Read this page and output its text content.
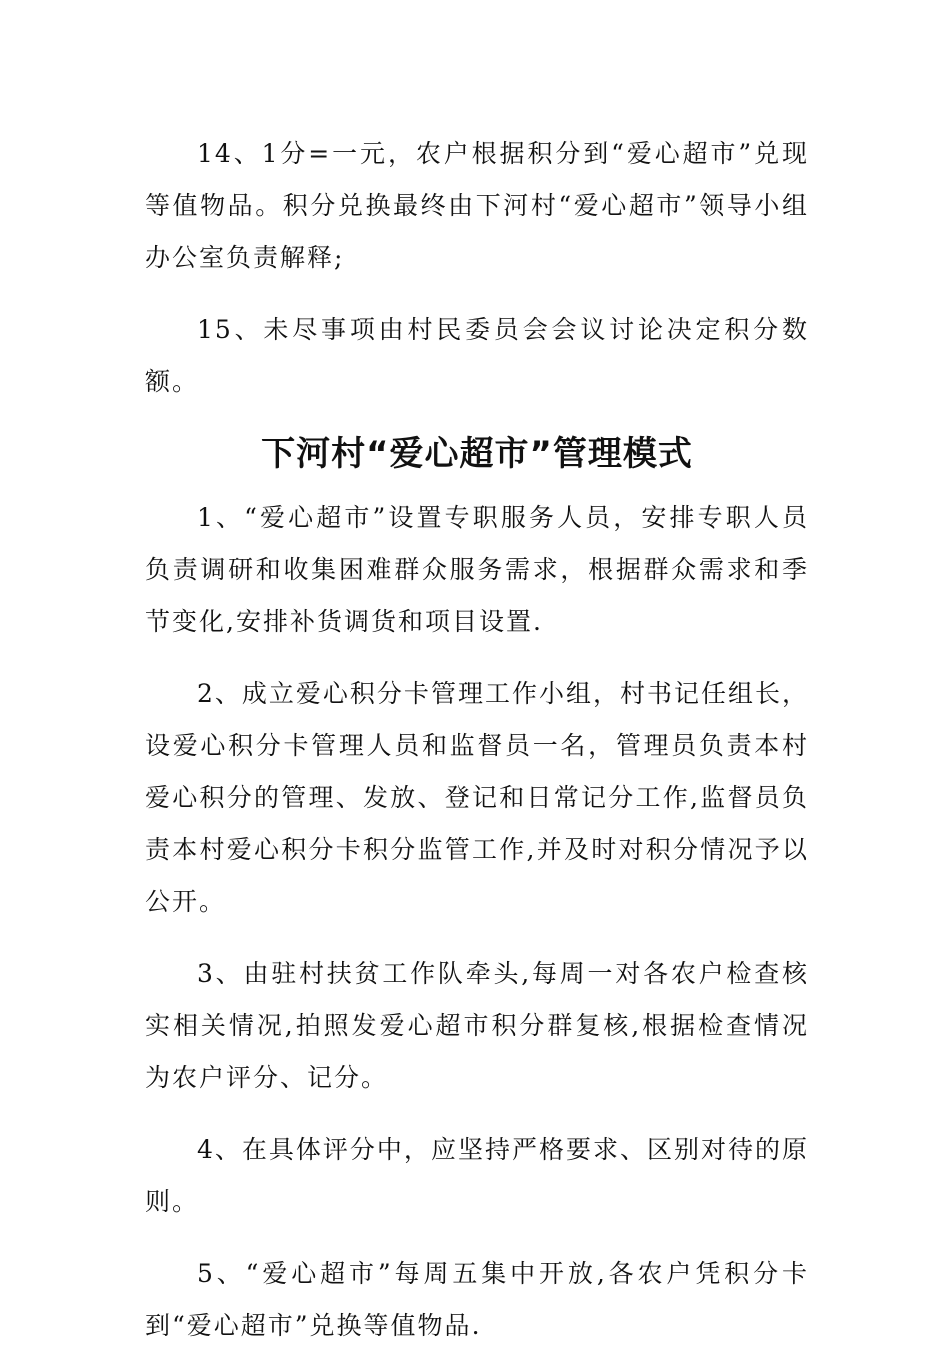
14、1分=一元，农户根据积分到“爱心超市”兑现等值物品。积分兑换最终由下河村“爱心超市”领导小组办公室负责解释;

15、未尽事项由村民委员会会议讨论决定积分数额。

下河村“爱心超市”管理模式

1、“爱心超市”设置专职服务人员，安排专职人员负责调研和收集困难群众服务需求，根据群众需求和季节变化,安排补货调货和项目设置.

2、成立爱心积分卡管理工作小组，村书记任组长，设爱心积分卡管理人员和监督员一名，管理员负责本村爱心积分的管理、发放、登记和日常记分工作,监督员负责本村爱心积分卡积分监管工作,并及时对积分情况予以公开。

3、由驻村扶贫工作队牵头,每周一对各农户检查核实相关情况,拍照发爱心超市积分群复核,根据检查情况为农户评分、记分。

4、在具体评分中，应坚持严格要求、区别对待的原则。

5、“爱心超市”每周五集中开放,各农户凭积分卡到“爱心超市”兑换等值物品.
